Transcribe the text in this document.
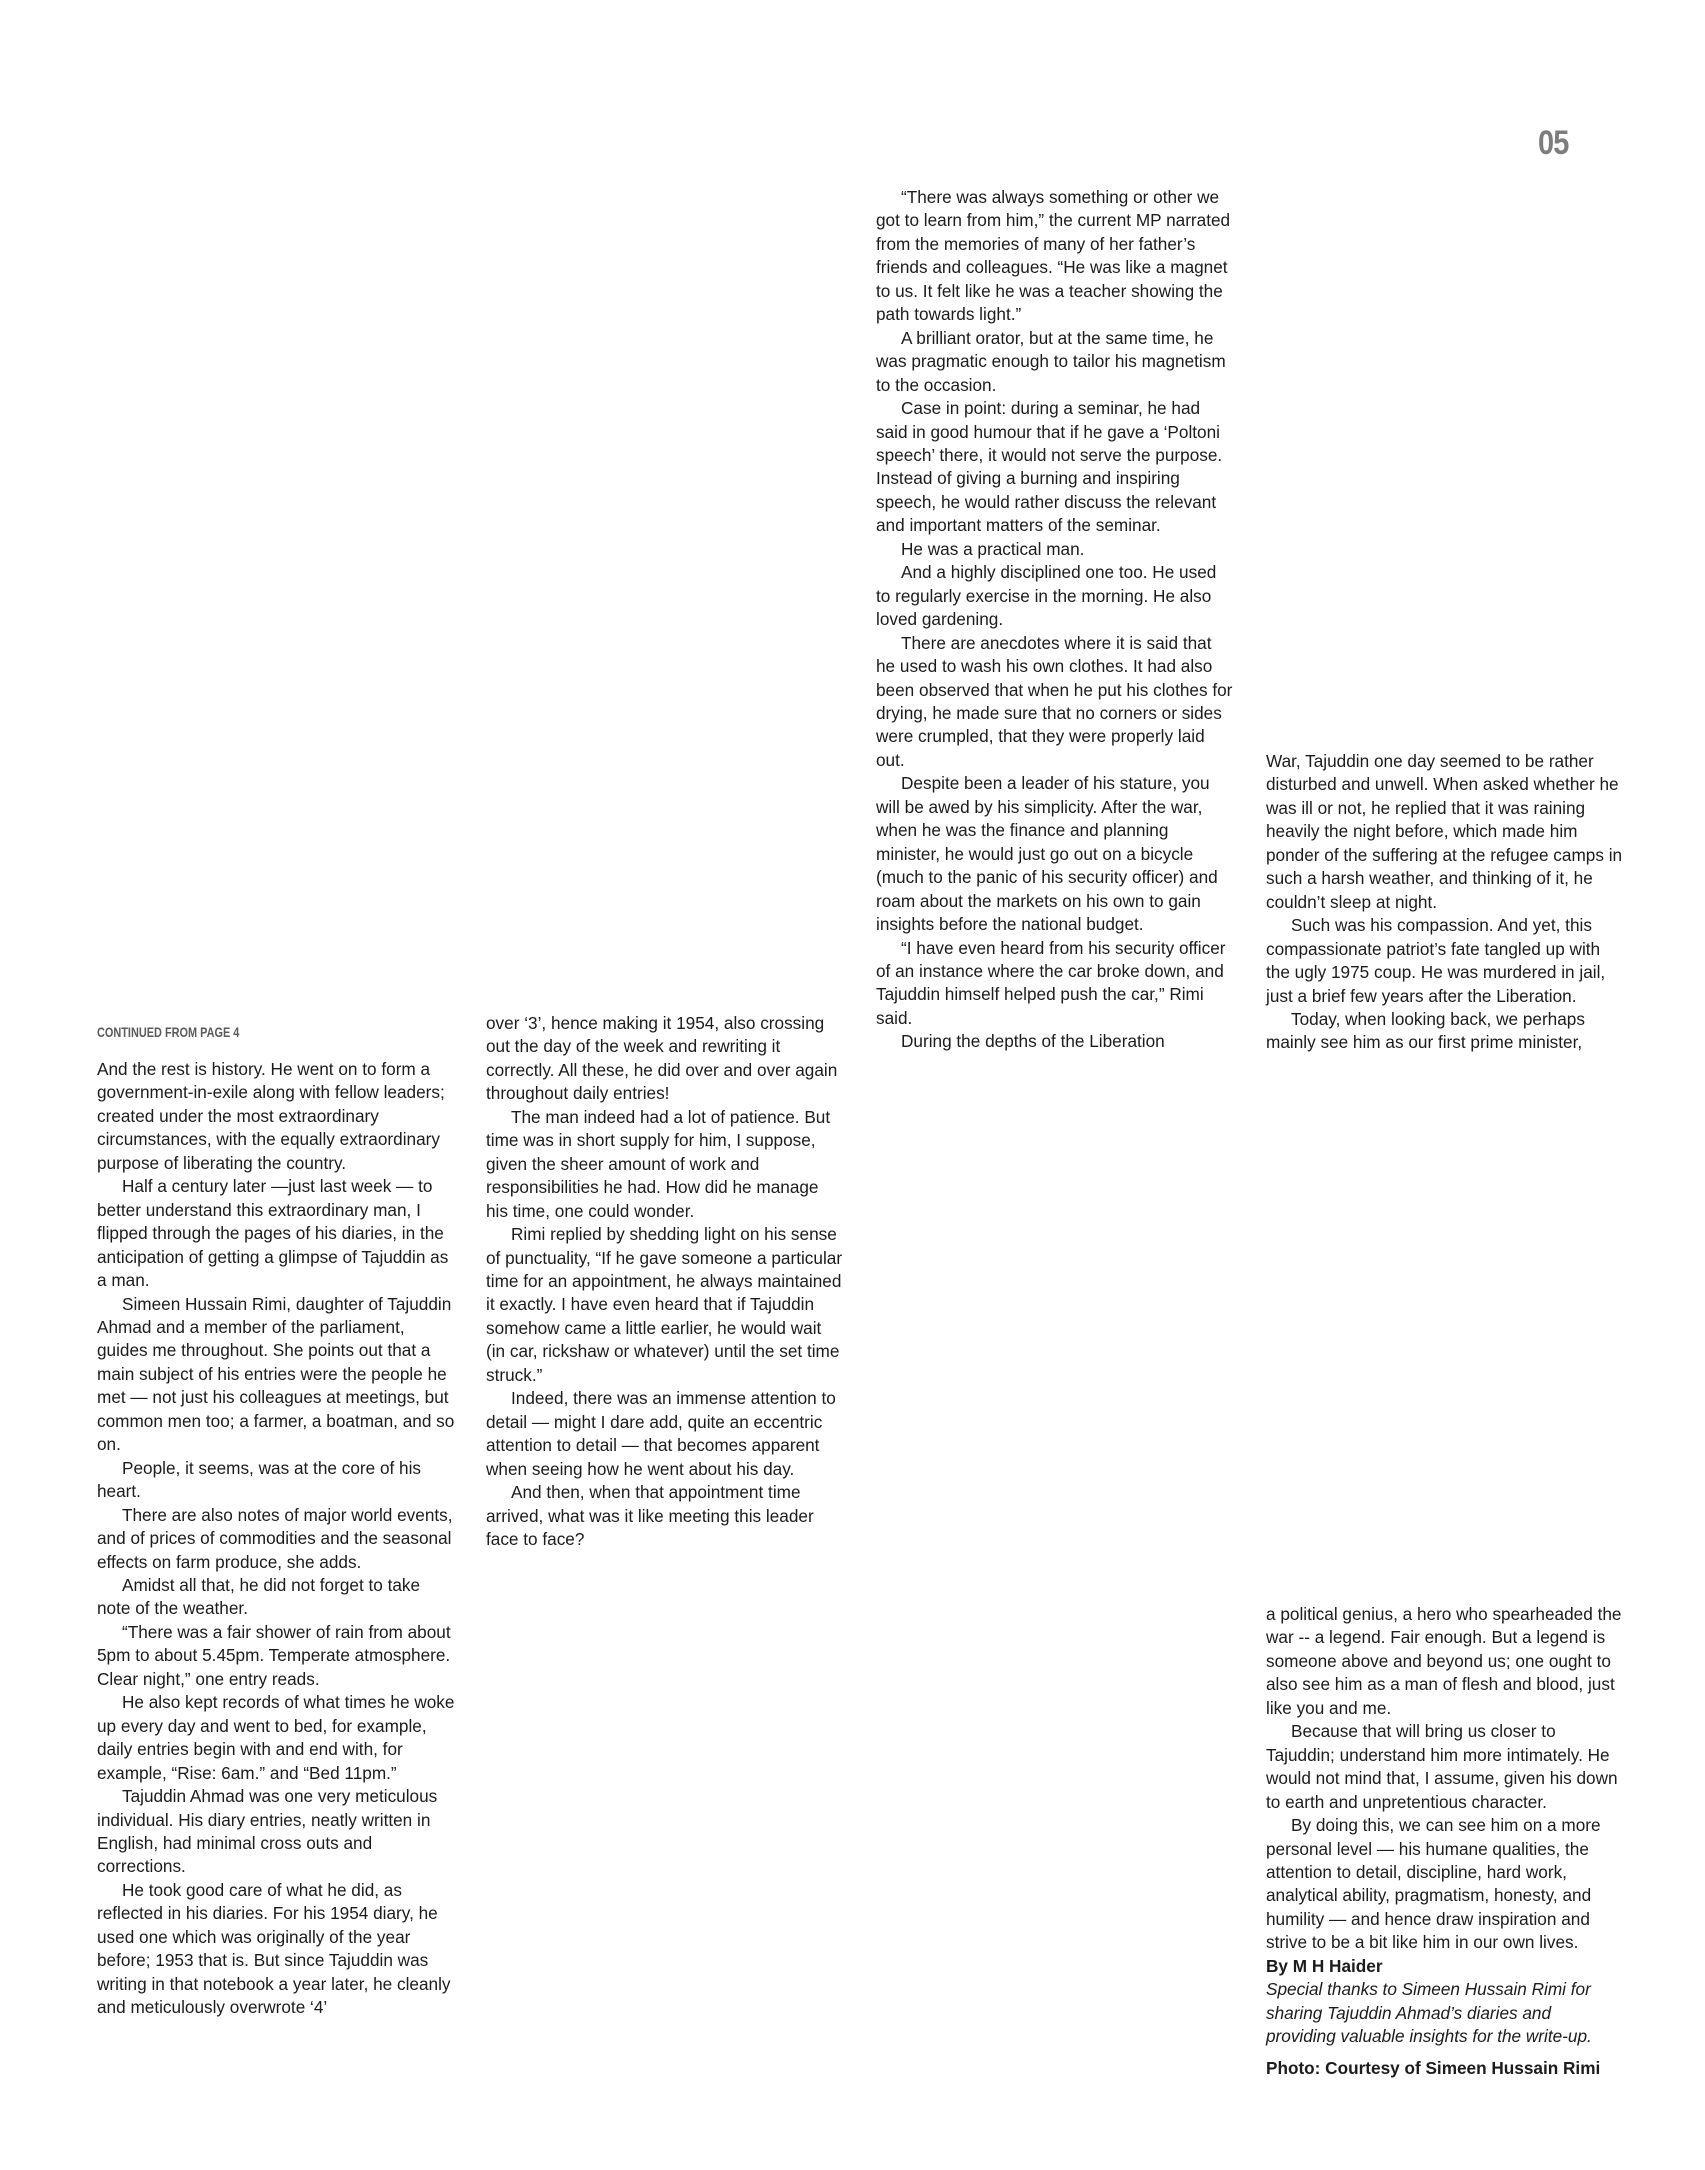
05
CONTINUED FROM PAGE 4

And the rest is history. He went on to form a government-in-exile along with fellow leaders; created under the most extraordinary circumstances, with the equally extraordinary purpose of liberating the country.

Half a century later —just last week — to better understand this extraordinary man, I flipped through the pages of his diaries, in the anticipation of getting a glimpse of Tajuddin as a man.

Simeen Hussain Rimi, daughter of Tajuddin Ahmad and a member of the parliament, guides me throughout. She points out that a main subject of his entries were the people he met — not just his colleagues at meetings, but common men too; a farmer, a boatman, and so on.

People, it seems, was at the core of his heart.

There are also notes of major world events, and of prices of commodities and the seasonal effects on farm produce, she adds.

Amidst all that, he did not forget to take note of the weather.

“There was a fair shower of rain from about 5pm to about 5.45pm. Temperate atmosphere. Clear night,” one entry reads.

He also kept records of what times he woke up every day and went to bed, for example, daily entries begin with and end with, for example, “Rise: 6am.” and “Bed 11pm.”

Tajuddin Ahmad was one very meticulous individual. His diary entries, neatly written in English, had minimal cross outs and corrections.

He took good care of what he did, as reflected in his diaries. For his 1954 diary, he used one which was originally of the year before; 1953 that is. But since Tajuddin was writing in that notebook a year later, he cleanly and meticulously overwrote ‘4’

over ‘3’, hence making it 1954, also crossing out the day of the week and rewriting it correctly. All these, he did over and over again throughout daily entries!

The man indeed had a lot of patience. But time was in short supply for him, I suppose, given the sheer amount of work and responsibilities he had. How did he manage his time, one could wonder.

Rimi replied by shedding light on his sense of punctuality, “If he gave someone a particular time for an appointment, he always maintained it exactly. I have even heard that if Tajuddin somehow came a little earlier, he would wait (in car, rickshaw or whatever) until the set time struck.”

Indeed, there was an immense attention to detail — might I dare add, quite an eccentric attention to detail — that becomes apparent when seeing how he went about his day.

And then, when that appointment time arrived, what was it like meeting this leader face to face?

“There was always something or other we got to learn from him,” the current MP narrated from the memories of many of her father’s friends and colleagues. “He was like a magnet to us. It felt like he was a teacher showing the path towards light.”

A brilliant orator, but at the same time, he was pragmatic enough to tailor his magnetism to the occasion.

Case in point: during a seminar, he had said in good humour that if he gave a ‘Poltoni speech’ there, it would not serve the purpose. Instead of giving a burning and inspiring speech, he would rather discuss the relevant and important matters of the seminar.

He was a practical man.

And a highly disciplined one too. He used to regularly exercise in the morning. He also loved gardening.

There are anecdotes where it is said that he used to wash his own clothes. It had also been observed that when he put his clothes for drying, he made sure that no corners or sides were crumpled, that they were properly laid out.

Despite been a leader of his stature, you will be awed by his simplicity. After the war, when he was the finance and planning minister, he would just go out on a bicycle (much to the panic of his security officer) and roam about the markets on his own to gain insights before the national budget.

“I have even heard from his security officer of an instance where the car broke down, and Tajuddin himself helped push the car,” Rimi said.

During the depths of the Liberation

War, Tajuddin one day seemed to be rather disturbed and unwell. When asked whether he was ill or not, he replied that it was raining heavily the night before, which made him ponder of the suffering at the refugee camps in such a harsh weather, and thinking of it, he couldn’t sleep at night.

Such was his compassion. And yet, this compassionate patriot’s fate tangled up with the ugly 1975 coup. He was murdered in jail, just a brief few years after the Liberation.

Today, when looking back, we perhaps mainly see him as our first prime minister,

a political genius, a hero who spearheaded the war -- a legend. Fair enough. But a legend is someone above and beyond us; one ought to also see him as a man of flesh and blood, just like you and me.

Because that will bring us closer to Tajuddin; understand him more intimately. He would not mind that, I assume, given his down to earth and unpretentious character.

By doing this, we can see him on a more personal level — his humane qualities, the attention to detail, discipline, hard work, analytical ability, pragmatism, honesty, and humility — and hence draw inspiration and strive to be a bit like him in our own lives.

By M H Haider

Special thanks to Simeen Hussain Rimi for sharing Tajuddin Ahmad’s diaries and providing valuable insights for the write-up.

Photo: Courtesy of Simeen Hussain Rimi
